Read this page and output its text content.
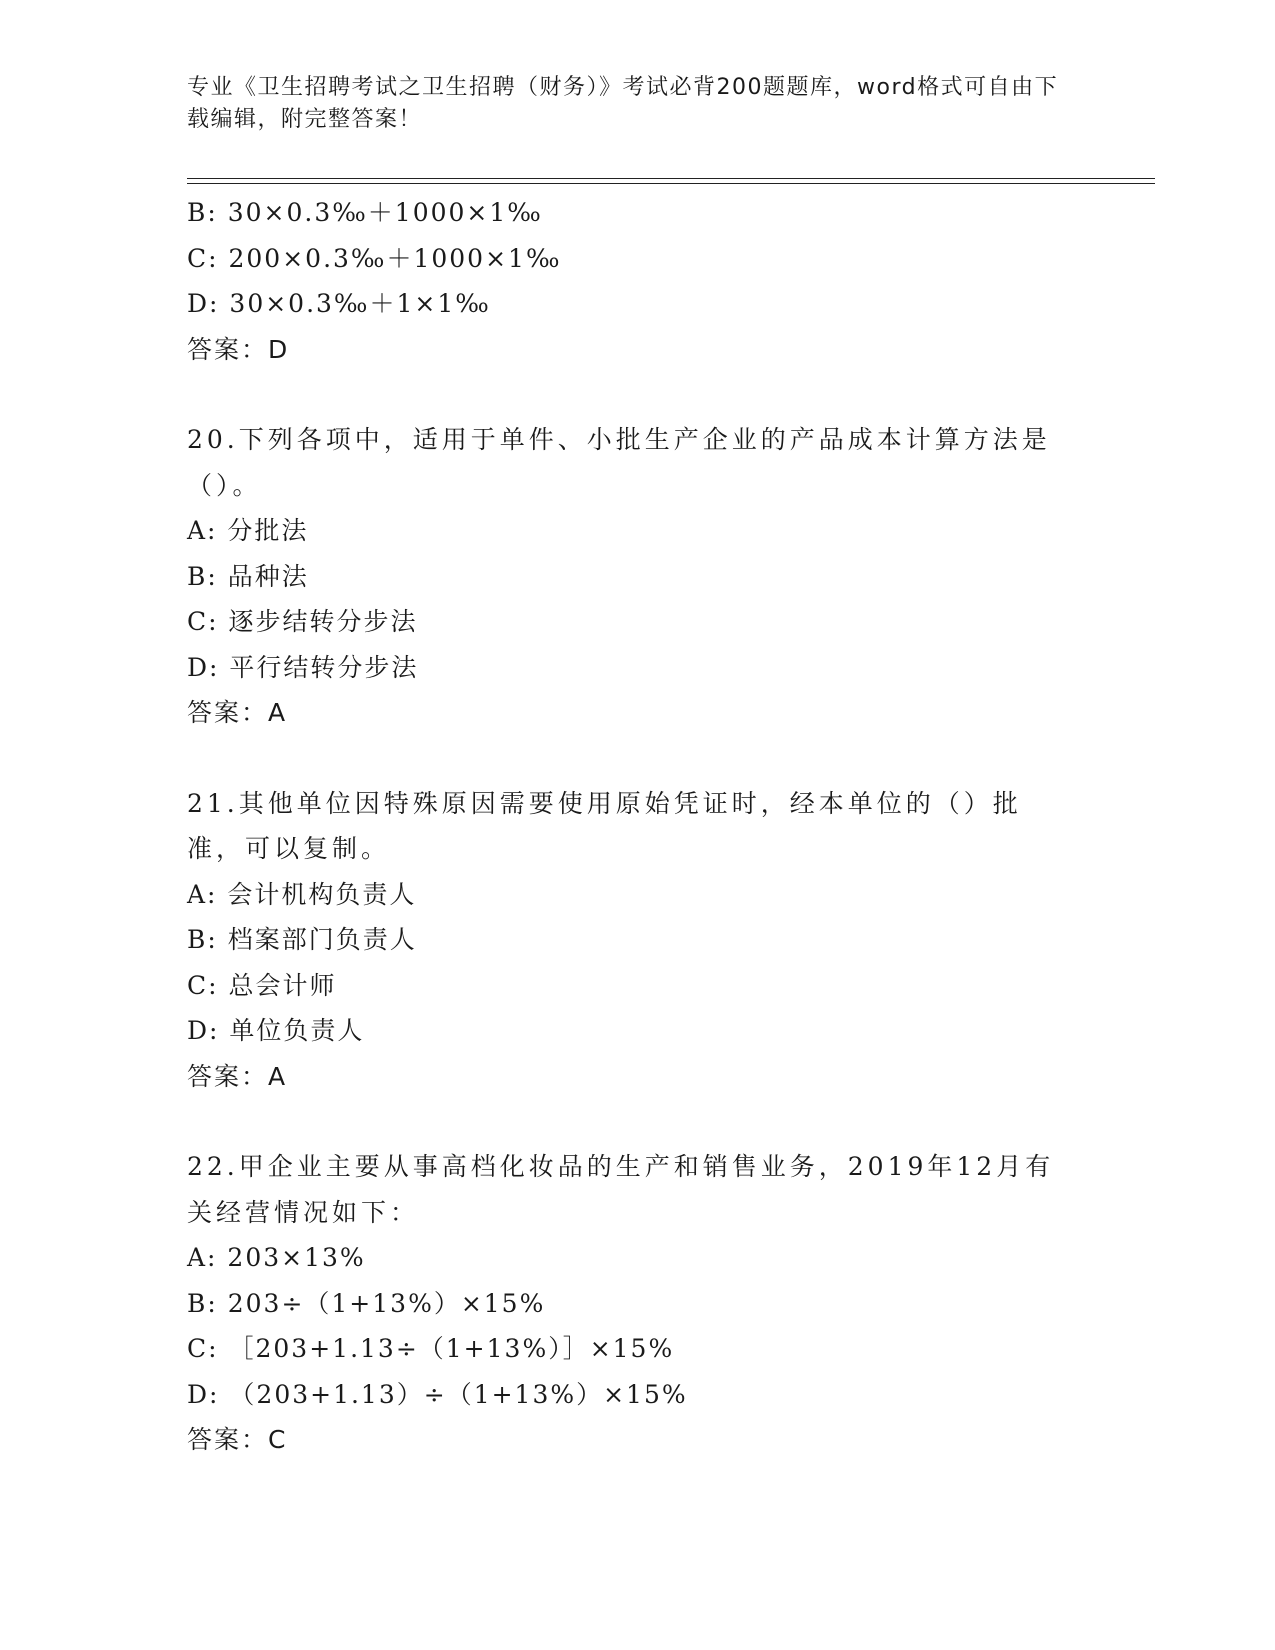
专业《卫生招聘考试之卫生招聘（财务）》考试必背200题题库，word格式可自由下载编辑，附完整答案！
B: 30×0.3‰＋1000×1‰
C: 200×0.3‰＋1000×1‰
D: 30×0.3‰＋1×1‰
答案：D
20.下列各项中，适用于单件、小批生产企业的产品成本计算方法是（）。
A: 分批法
B: 品种法
C: 逐步结转分步法
D: 平行结转分步法
答案：A
21.其他单位因特殊原因需要使用原始凭证时，经本单位的（）批准，可以复制。
A: 会计机构负责人
B: 档案部门负责人
C: 总会计师
D: 单位负责人
答案：A
22.甲企业主要从事高档化妆品的生产和销售业务，2019年12月有关经营情况如下：
A: 203×13%
B: 203÷（1+13%）×15%
C: ［203+1.13÷（1+13%）］×15%
D: （203+1.13）÷（1+13%）×15%
答案：C
